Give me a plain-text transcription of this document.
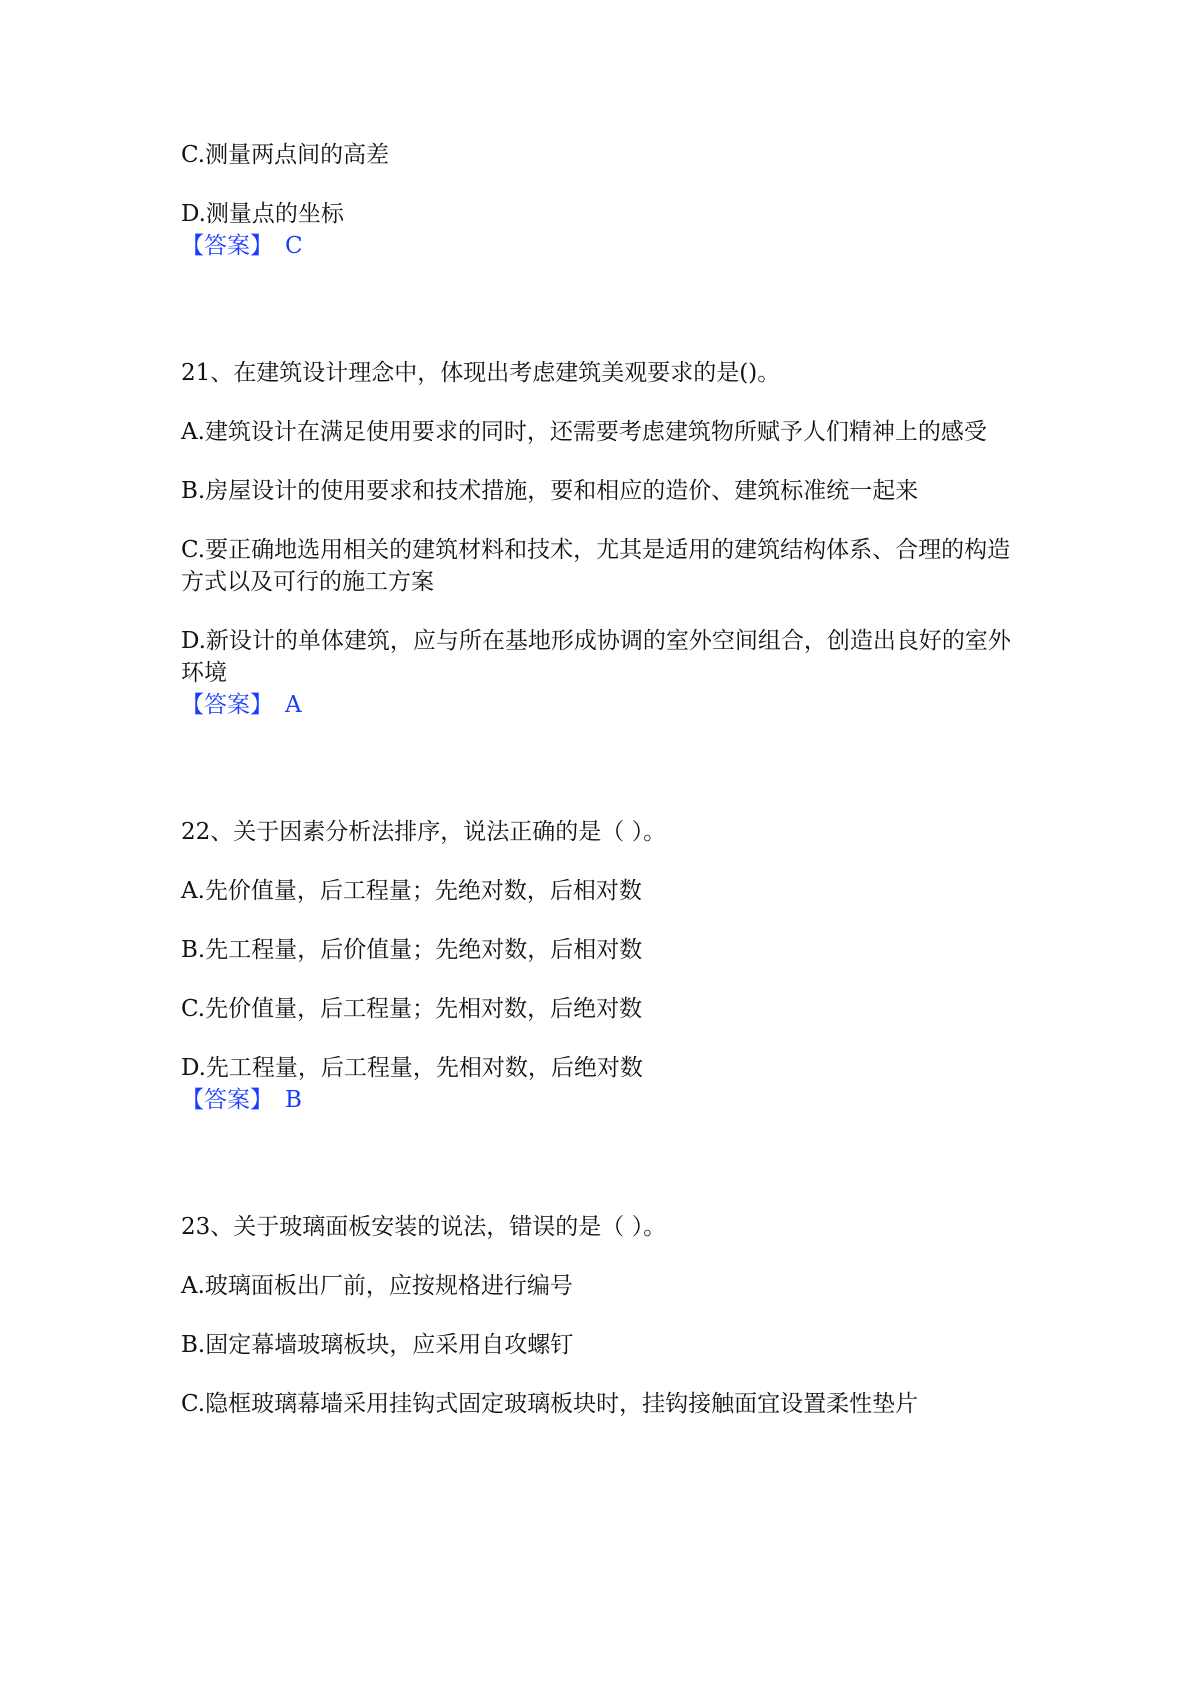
C.测量两点间的高差

D.测量点的坐标

【答案】 C

21、在建筑设计理念中，体现出考虑建筑美观要求的是()。

A.建筑设计在满足使用要求的同时，还需要考虑建筑物所赋予人们精神上的感受

B.房屋设计的使用要求和技术措施，要和相应的造价、建筑标准统一起来

C.要正确地选用相关的建筑材料和技术，尤其是适用的建筑结构体系、合理的构造方式以及可行的施工方案

D.新设计的单体建筑，应与所在基地形成协调的室外空间组合，创造出良好的室外环境

【答案】 A

22、关于因素分析法排序，说法正确的是（ ）。

A.先价值量，后工程量；先绝对数，后相对数

B.先工程量，后价值量；先绝对数，后相对数

C.先价值量，后工程量；先相对数，后绝对数

D.先工程量，后工程量，先相对数，后绝对数

【答案】 B

23、关于玻璃面板安装的说法，错误的是（ ）。

A.玻璃面板出厂前，应按规格进行编号

B.固定幕墙玻璃板块，应采用自攻螺钉

C.隐框玻璃幕墙采用挂钩式固定玻璃板块时，挂钩接触面宜设置柔性垫片
